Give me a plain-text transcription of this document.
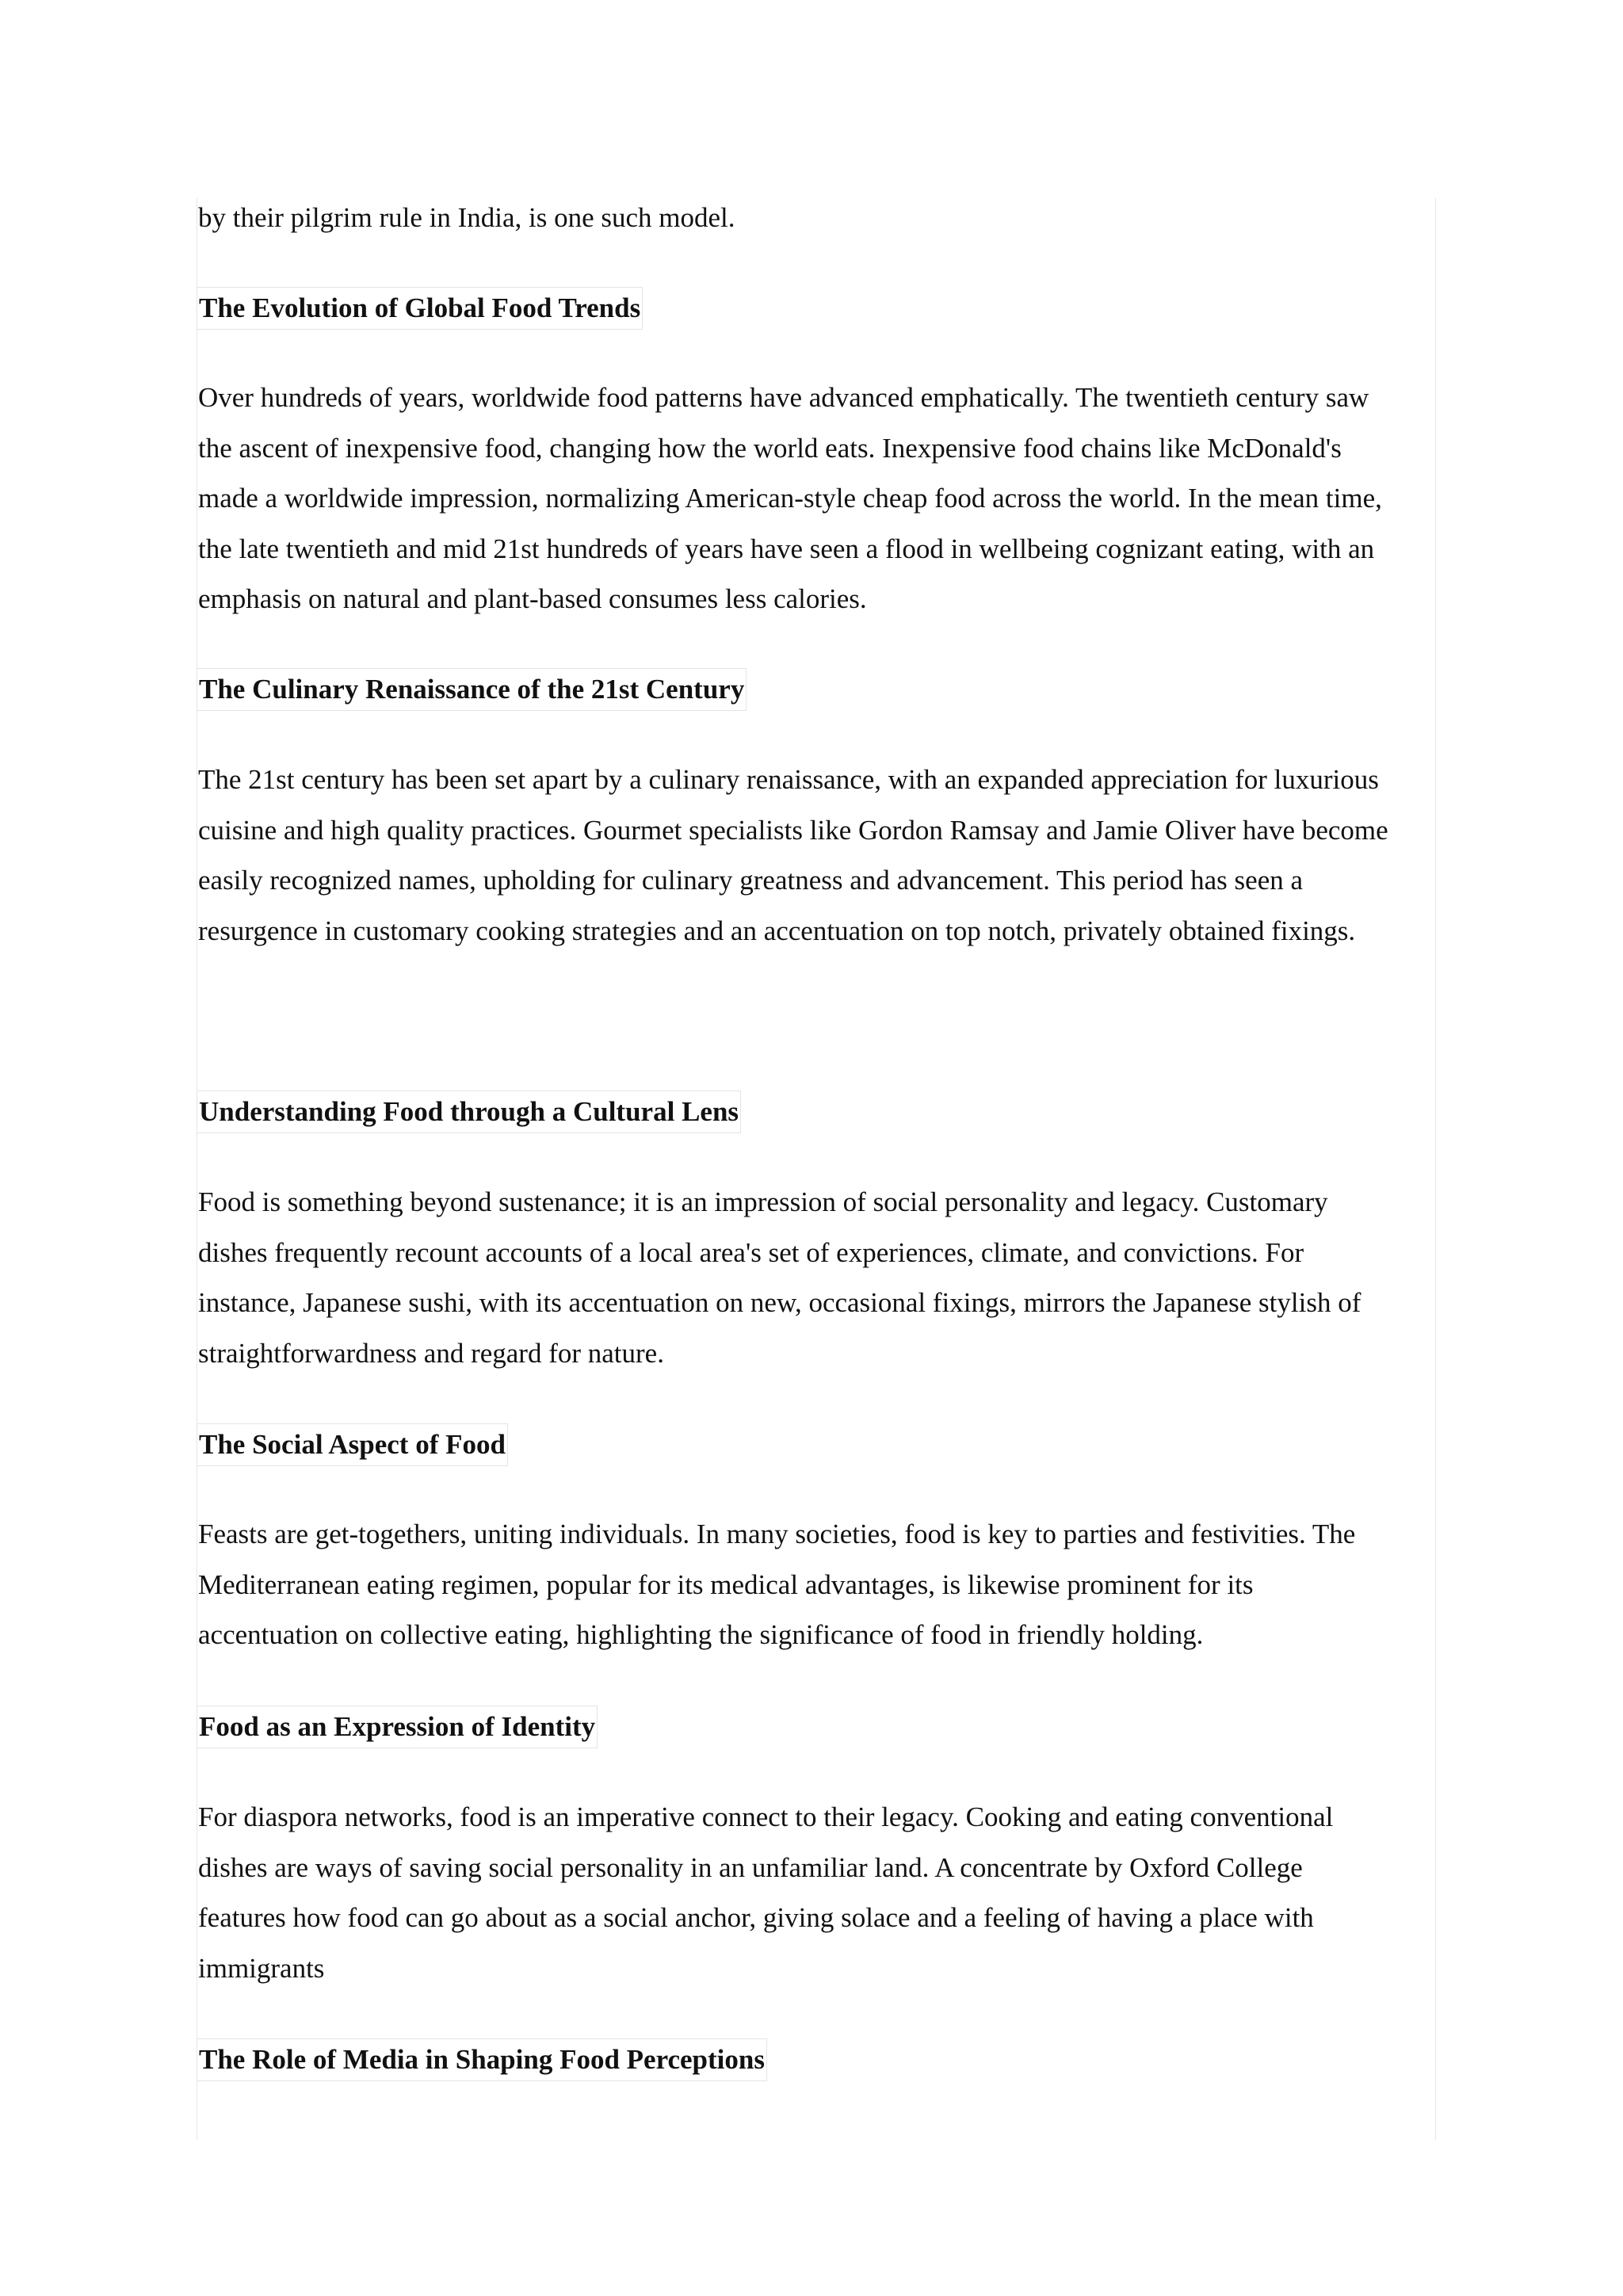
by their pilgrim rule in India, is one such model.

The Evolution of Global Food Trends

Over hundreds of years, worldwide food patterns have advanced emphatically. The twentieth century saw
the ascent of inexpensive food, changing how the world eats. Inexpensive food chains like McDonald's
made a worldwide impression, normalizing American-style cheap food across the world. In the mean time,
the late twentieth and mid 21st hundreds of years have seen a flood in wellbeing cognizant eating, with an
emphasis on natural and plant-based consumes less calories.

The Culinary Renaissance of the 21st Century

The 21st century has been set apart by a culinary renaissance, with an expanded appreciation for luxurious
cuisine and high quality practices. Gourmet specialists like Gordon Ramsay and Jamie Oliver have become
easily recognized names, upholding for culinary greatness and advancement. This period has seen a
resurgence in customary cooking strategies and an accentuation on top notch, privately obtained fixings.

Understanding Food through a Cultural Lens

Food is something beyond sustenance; it is an impression of social personality and legacy. Customary
dishes frequently recount accounts of a local area's set of experiences, climate, and convictions. For
instance, Japanese sushi, with its accentuation on new, occasional fixings, mirrors the Japanese stylish of
straightforwardness and regard for nature.

The Social Aspect of Food

Feasts are get-togethers, uniting individuals. In many societies, food is key to parties and festivities. The
Mediterranean eating regimen, popular for its medical advantages, is likewise prominent for its
accentuation on collective eating, highlighting the significance of food in friendly holding.

Food as an Expression of Identity

For diaspora networks, food is an imperative connect to their legacy. Cooking and eating conventional
dishes are ways of saving social personality in an unfamiliar land. A concentrate by Oxford College
features how food can go about as a social anchor, giving solace and a feeling of having a place with
immigrants

The Role of Media in Shaping Food Perceptions
